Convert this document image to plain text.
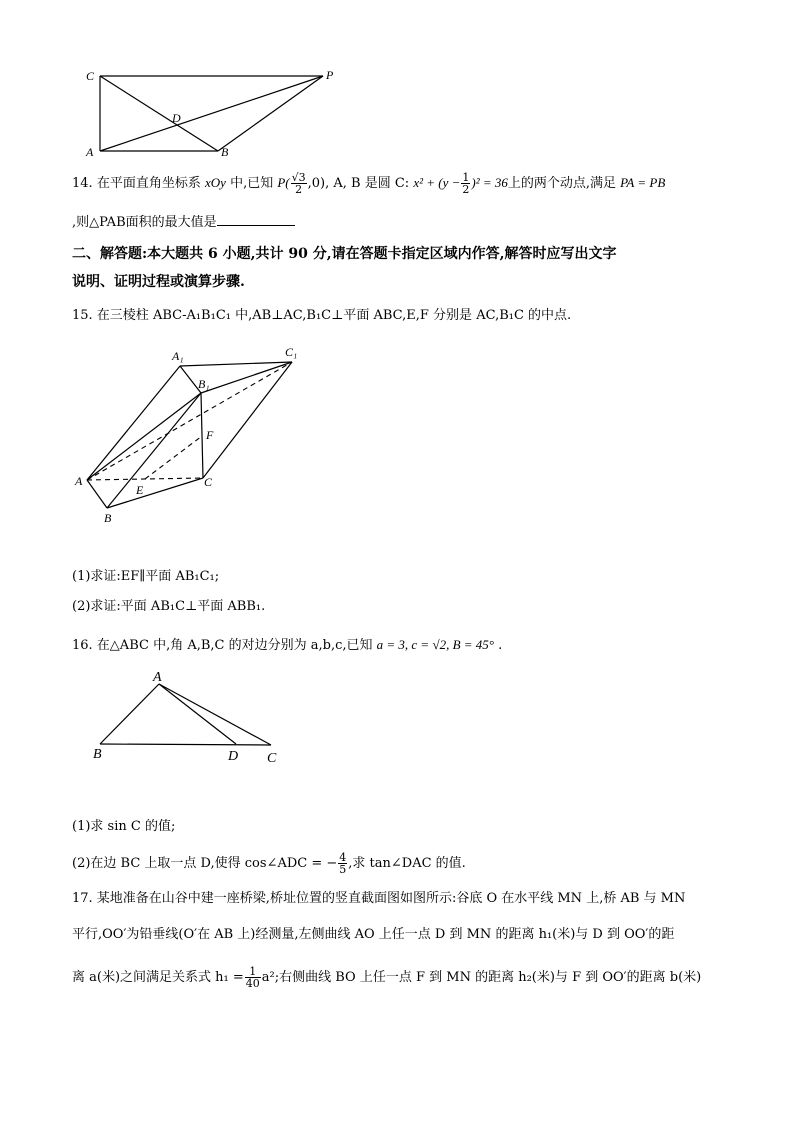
C	P
D
A	B
14. 在平面直角坐标系 xOy 中,已知 $P( \frac{√3}{2} ,0)$, A, B 是圆 C: $x^2 + (y - \frac{1}{2} )^2 = 36$上的两个动点,满足 PA = PB
,则△PAB面积的最大值是
二、解答题:本大题共 6 小题,共计 90 分,请在答题卡指定区域内作答,解答时应写出文字
说明、证明过程或演算步骤.
15. 在三棱柱 ABC-A₁B₁C₁ 中,AB⊥AC,B₁C⊥平面 ABC,E,F 分别是 AC,B₁C 的中点.
A₁	C₁
B₁
F
A
E
C
B
(1)求证:EF∥平面 AB₁C₁;
(2)求证:平面 AB₁C⊥平面 ABB₁.
16. 在△ABC 中,角 A,B,C 的对边分别为 a,b,c,已知 a = 3, c = √2, B = 45° .
A
B	D C
(1)求 sin C 的值;
(2)在边 BC 上取一点 D,使得 cos∠ADC = − $\frac{4}{5}$ ,求 tan∠DAC 的值.
17. 某地准备在山谷中建一座桥梁,桥址位置的竖直截面图如图所示:谷底 O 在水平线 MN 上,桥 AB 与 MN
平行,OO′为铅垂线(O′在 AB 上)经测量,左侧曲线 AO 上任一点 D 到 MN 的距离 h₁(米)与 D 到 OO′的距
离 a(米)之间满足关系式 $h_1 = \frac{1}{40} a^2$;右侧曲线 BO 上任一点 F 到 MN 的距离 h₂(米)与 F 到 OO′的距离 b(米)
